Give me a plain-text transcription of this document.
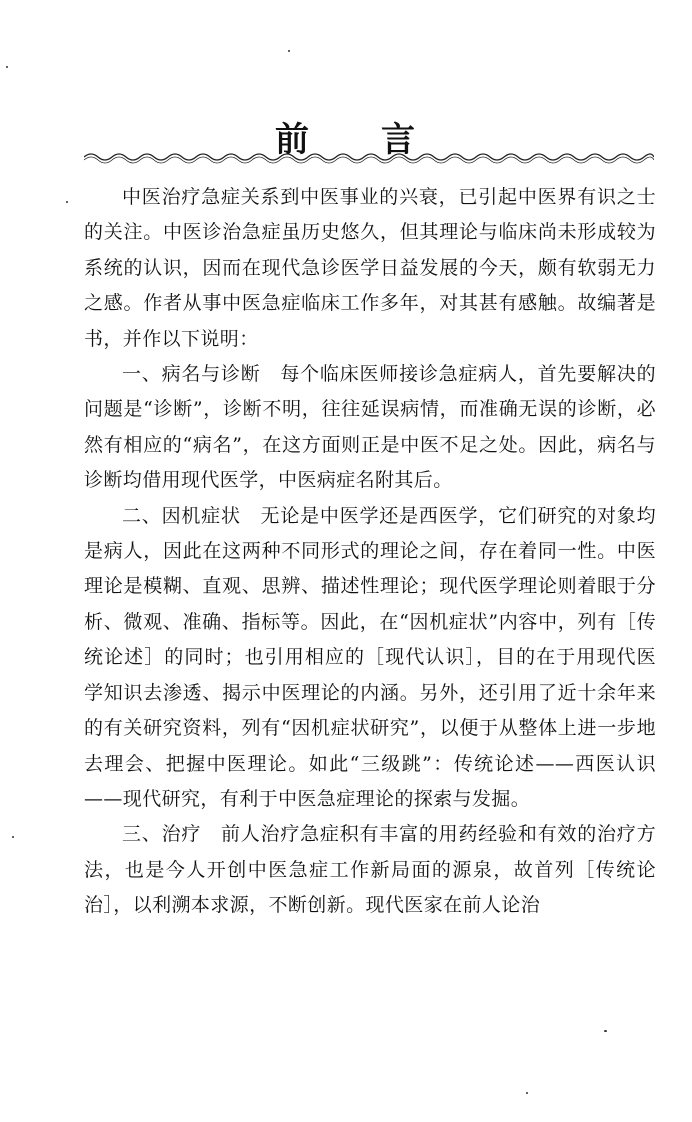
前 言

中医治疗急症关系到中医事业的兴衰，已引起中医界有识之士的关注。中医诊治急症虽历史悠久，但其理论与临床尚未形成较为系统的认识，因而在现代急诊医学日益发展的今天，颇有软弱无力之感。作者从事中医急症临床工作多年，对其甚有感触。故编著是书，并作以下说明：

一、病名与诊断　每个临床医师接诊急症病人，首先要解决的问题是“诊断”，诊断不明，往往延误病情，而准确无误的诊断，必然有相应的“病名”，在这方面则正是中医不足之处。因此，病名与诊断均借用现代医学，中医病症名附其后。

二、因机症状　无论是中医学还是西医学，它们研究的对象均是病人，因此在这两种不同形式的理论之间，存在着同一性。中医理论是模糊、直观、思辨、描述性理论；现代医学理论则着眼于分析、微观、准确、指标等。因此，在“因机症状”内容中，列有［传统论述］的同时；也引用相应的［现代认识］，目的在于用现代医学知识去渗透、揭示中医理论的内涵。另外，还引用了近十余年来的有关研究资料，列有“因机症状研究”，以便于从整体上进一步地去理会、把握中医理论。如此“三级跳”：传统论述——西医认识——现代研究，有利于中医急症理论的探索与发掘。

三、治疗　前人治疗急症积有丰富的用药经验和有效的治疗方法，也是今人开创中医急症工作新局面的源泉，故首列［传统论治］，以利溯本求源，不断创新。现代医家在前人论治
